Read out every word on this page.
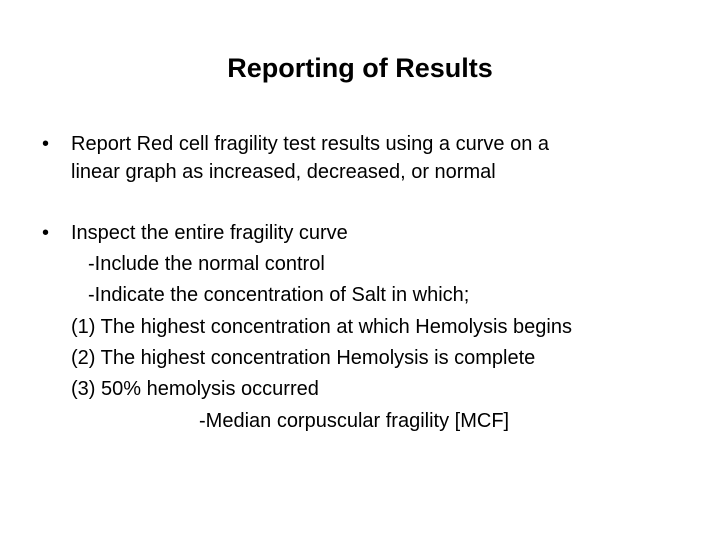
Reporting of Results
• Report Red cell fragility test results using a curve on a
linear graph as increased, decreased, or normal
• Inspect the entire fragility curve
-Include the normal control
-Indicate the concentration of Salt in which;
(1) The highest concentration at which Hemolysis begins
(2) The highest concentration Hemolysis is complete
(3) 50% hemolysis occurred
-Median corpuscular fragility [MCF]
